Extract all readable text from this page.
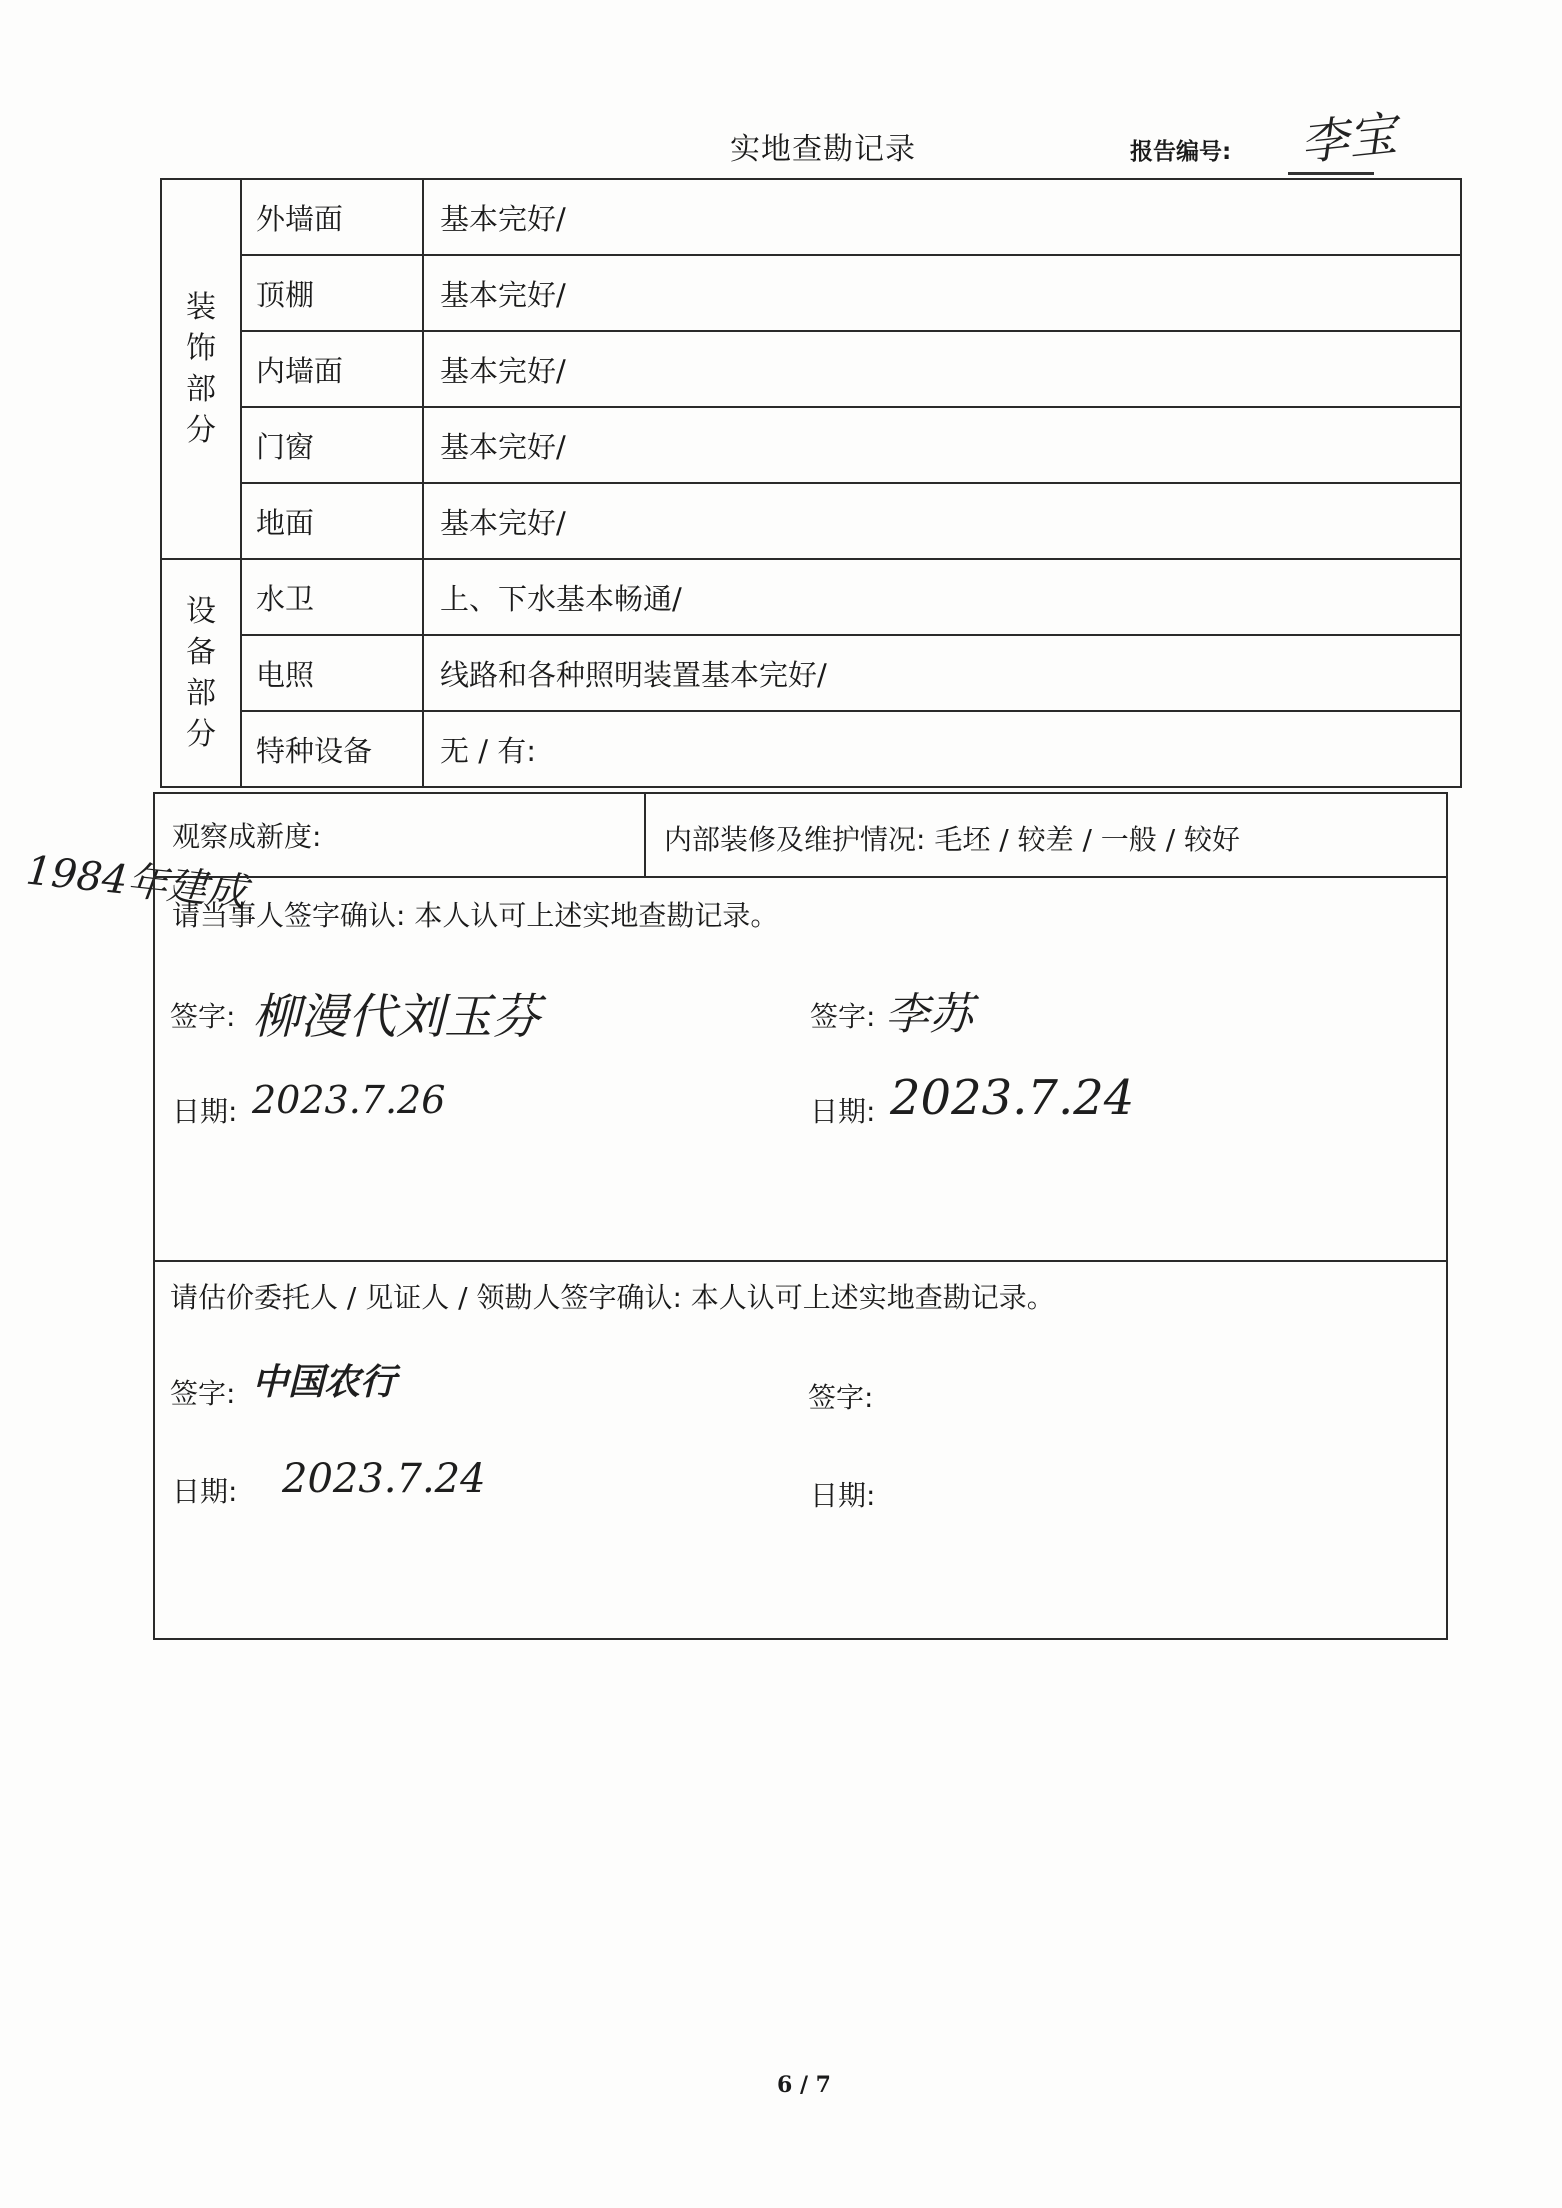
实地查勘记录	报告编号: 李宝
装饰部分	外墙面	基本完好/
	顶棚	基本完好/
	内墙面	基本完好/
	门窗	基本完好/
	地面	基本完好/
设备部分	水卫	上、下水基本畅通/
	电照	线路和各种照明装置基本完好/
	特种设备	无 / 有:
观察成新度:	内部装修及维护情况: 毛坯 / 较差 / 一般 / 较好
1984年建成
请当事人签字确认: 本人认可上述实地查勘记录。
签字: 柳漫代刘玉芬	签字: 李苏
日期: 2023.7.26	日期: 2023.7.24
请估价委托人 / 见证人 / 领勘人签字确认: 本人认可上述实地查勘记录。
签字: 中国农行	签字:
日期: 2023.7.24	日期:
6 / 7
